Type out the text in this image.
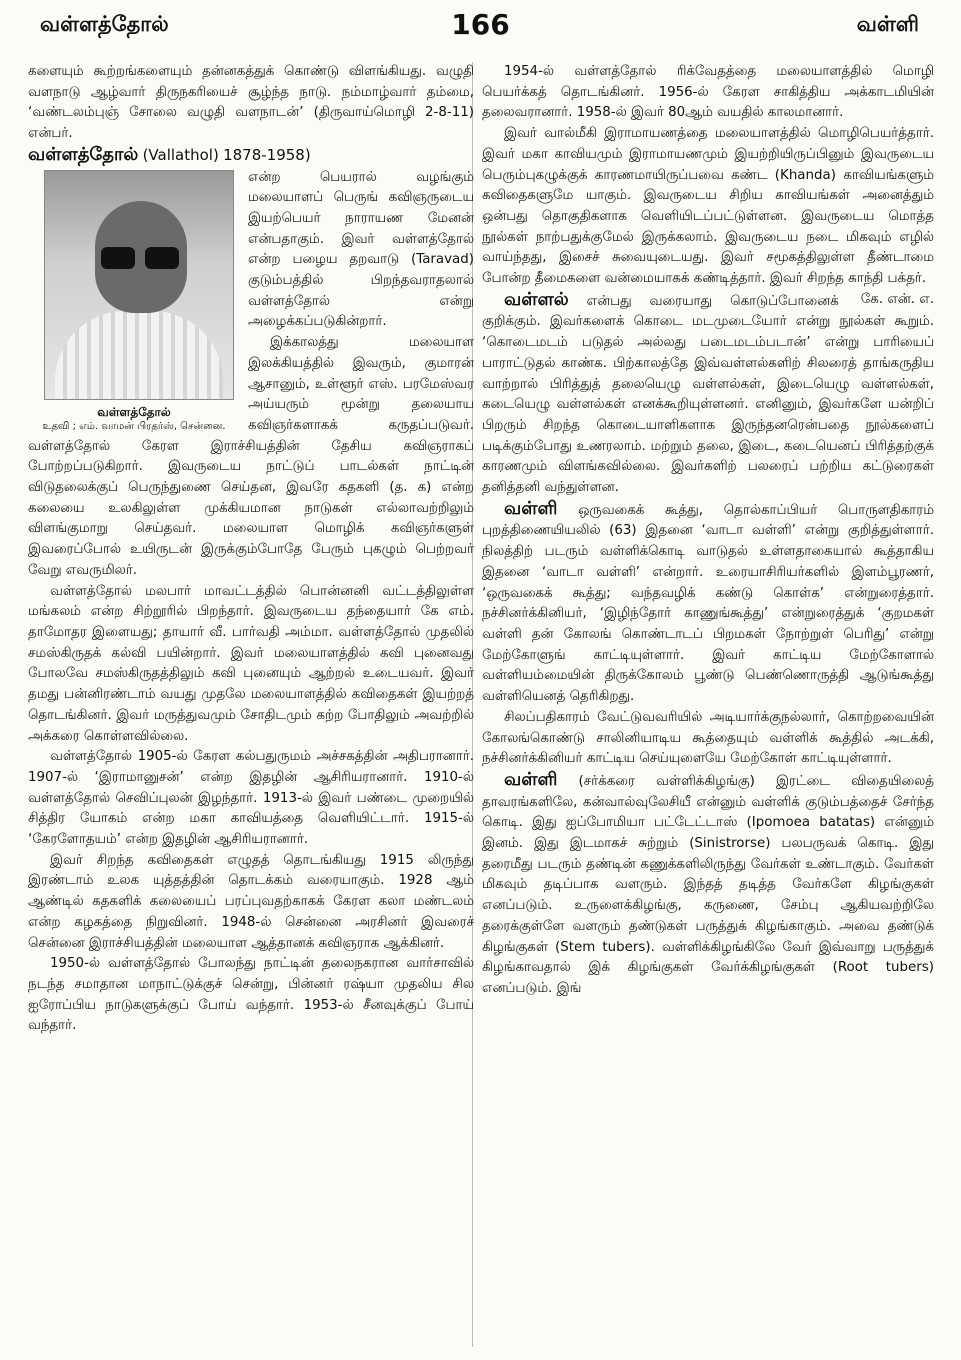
வள்ளத்தோல்	166	வள்ளி

களையும் கூற்றங்களையும் தன்னகத்துக் கொண்டு விளங்கியது. வழுதி வளநாடு ஆழ்வார் திருநகரியைச் சூழ்ந்த நாடு. நம்மாழ்வார் தம்மை, ‘வண்டலம்புஞ் சோலை வழுதி வளநாடன்’ (திருவாய்மொழி 2-8-11) என்பர்.

வள்ளத்தோல் (Vallathol) 1878-1958)

வள்ளத்தோல்
உதவி ; எம். வாமன் பிரதர்ஸ், சென்னை.

என்ற பெயரால் வழங்கும் மலையாளப் பெருங் கவிஞருடைய இயற்பெயர் நாராயண மேனன் என்பதாகும். இவர் வள்ளத்தோல் என்ற பழைய தறவாடு (Taravad) குடும்பத்தில் பிறந்தவராதலால் வள்ளத்தோல் என்று அழைக்கப்படுகின்றார்.

இக்காலத்து மலையாள இலக்கியத்தில் இவரும், குமாரன் ஆசானும், உள்ளூர் எஸ். பரமேஸ்வர அய்யரும் மூன்று தலையாய கவிஞர்களாகக் கருதப்படுவர். வள்ளத்தோல் கேரள இராச்சியத்தின் தேசிய கவிஞராகப் போற்றப்படுகிறார். இவருடைய நாட்டுப் பாடல்கள் நாட்டின் விடுதலைக்குப் பெருந்துணை செய்தன, இவரே கதகளி (த. க) என்ற கலையை உலகிலுள்ள முக்கியமான நாடுகள் எல்லாவற்றிலும் விளங்குமாறு செய்தவர். மலையாள மொழிக் கவிஞர்களுள் இவரைப்போல் உயிருடன் இருக்கும்போதே பேரும் புகழும் பெற்றவர் வேறு எவருமிலர்.

வள்ளத்தோல் மலபார் மாவட்டத்தில் பொன்னனி வட்டத்திலுள்ள மங்கலம் என்ற சிற்றூரில் பிறந்தார். இவருடைய தந்தையார் கே எம். தாமோதர இளையது; தாயார் வீ. பார்வதி அம்மா. வள்ளத்தோல் முதலில் சமஸ்கிருதக் கல்வி பயின்றார். இவர் மலையாளத்தில் கவி புனைவது போலவே சமஸ்கிருதத்திலும் கவி புனையும் ஆற்றல் உடையவர். இவர் தமது பன்னிரண்டாம் வயது முதலே மலையாளத்தில் கவிதைகள் இயற்றத் தொடங்கினர். இவர் மருத்துவமும் சோதிடமும் கற்ற போதிலும் அவற்றில் அக்கரை கொள்ளவில்லை.

வள்ளத்தோல் 1905-ல் கேரள கல்பதுருமம் அச்சகத்தின் அதிபரானார். 1907-ல் ‘இராமானுசன்’ என்ற இதழின் ஆசிரியரானார். 1910-ல் வள்ளத்தோல் செவிப்புலன் இழந்தார். 1913-ல் இவர் பண்டை முறையில் சித்திர யோகம் என்ற மகா காவியத்தை வெளியிட்டார். 1915-ல் ‘கேரளோதயம்’ என்ற இதழின் ஆசிரியரானார்.

இவர் சிறந்த கவிதைகள் எழுதத் தொடங்கியது 1915 லிருந்து இரண்டாம் உலக யுத்தத்தின் தொடக்கம் வரையாகும். 1928 ஆம் ஆண்டில் கதகளிக் கலையைப் பரப்புவதற்காகக் கேரள கலா மண்டலம் என்ற கழகத்தை நிறுவினர். 1948-ல் சென்னை அரசினர் இவரைச் சென்னை இராச்சியத்தின் மலையாள ஆத்தானக் கவிஞராக ஆக்கினர்.

1950-ல் வள்ளத்தோல் போலந்து நாட்டின் தலைநகரான வார்சாவில் நடந்த சமாதான மாநாட்டுக்குச் சென்று, பின்னர் ரஷ்யா முதலிய சில ஐரோப்பிய நாடுகளுக்குப் போய் வந்தார். 1953-ல் சீனவுக்குப் போய் வந்தார்.

1954-ல் வள்ளத்தோல் ரிக்வேதத்தை மலையாளத்தில் மொழி பெயர்க்கத் தொடங்கினர். 1956-ல் கேரள சாகித்திய அக்காடமியின் தலைவரானார். 1958-ல் இவர் 80ஆம் வயதில் காலமானார்.

இவர் வால்மீகி இராமாயணத்தை மலையாளத்தில் மொழிபெயர்த்தார். இவர் மகா காவியமும் இராமாயணமும் இயற்றியிருப்பினும் இவருடைய பெரும்புகழுக்குக் காரணமாயிருப்பவை கண்ட (Khanda) காவியங்களும் கவிதைகளுமே யாகும். இவருடைய சிறிய காவியங்கள் அனைத்தும் ஒன்பது தொகுதிகளாக வெளியிடப்பட்டுள்ளன. இவருடைய மொத்த நூல்கள் நாற்பதுக்குமேல் இருக்கலாம். இவருடைய நடை மிகவும் எழில் வாய்ந்தது, இசைச் சுவையுடையது. இவர் சமூகத்திலுள்ள தீண்டாமை போன்ற தீமைகளை வன்மையாகக் கண்டித்தார். இவர் சிறந்த காந்தி பக்தர்.
கே. என். எ.

வள்ளல் என்பது வரையாது கொடுப்போனைக் குறிக்கும். இவர்களைக் கொடை மடமுடையோர் என்று நூல்கள் கூறும். ‘கொடைமடம் படுதல் அல்லது படைமடம்படான்’ என்று பாரியைப் பாராட்டுதல் காண்க. பிற்காலத்தே இவ்வள்ளல்களிற் சிலரைத் தாங்கருதிய வாற்றால் பிரித்துத் தலையெழு வள்ளல்கள், இடையெழு வள்ளல்கள், கடையெழு வள்ளல்கள் எனக்கூறியுள்ளனர். எனினும், இவர்களே யன்றிப் பிறரும் சிறந்த கொடையாளிகளாக இருந்தனரென்பதை நூல்களைப் படிக்கும்போது உணரலாம். மற்றும் தலை, இடை, கடையெனப் பிரித்தற்குக் காரணமும் விளங்கவில்லை. இவர்களிற் பலரைப் பற்றிய கட்டுரைகள் தனித்தனி வந்துள்ளன.

வள்ளி ஒருவகைக் கூத்து, தொல்காப்பியர் பொருளதிகாரம் புறத்திணையியலில் (63) இதனை ‘வாடா வள்ளி’ என்று குறித்துள்ளார். நிலத்திற் படரும் வள்ளிக்கொடி வாடுதல் உள்ளதாகையால் கூத்தாகிய இதனை ‘வாடா வள்ளி’ என்றார். உரையாசிரியர்களில் இளம்பூரணர், ‘ஒருவகைக் கூத்து; வந்தவழிக் கண்டு கொள்க’ என்றுரைத்தார். நச்சினர்க்கினியர், ‘இழிந்தோர் காணுங்கூத்து’ என்றுரைத்துக் ‘குறமகள் வள்ளி தன் கோலங் கொண்டாடப் பிறமகள் நோற்றுள் பெரிது’ என்று மேற்கோளுங் காட்டியுள்ளார். இவர் காட்டிய மேற்கோளால் வள்ளியம்மையின் திருக்கோலம் பூண்டு பெண்ணொருத்தி ஆடுங்கூத்து வள்ளியெனத் தெரிகிறது.

சிலப்பதிகாரம் வேட்டுவவரியில் அடியார்க்குநல்லார், கொற்றவையின் கோலங்கொண்டு சாலினியாடிய கூத்தையும் வள்ளிக் கூத்தில் அடக்கி, நச்சினர்க்கினியர் காட்டிய செய்யுளையே மேற்கோள் காட்டியுள்ளார்.

வள்ளி (சர்க்கரை வள்ளிக்கிழங்கு) இரட்டை விதையிலைத் தாவரங்களிலே, கன்வால்வுலேசியீ என்னும் வள்ளிக் குடும்பத்தைச் சேர்ந்த கொடி. இது ஐப்போமியா பட்டேட்டாஸ் (Ipomoea batatas) என்னும் இனம். இது இடமாகச் சுற்றும் (Sinistrorse) பலபருவக் கொடி. இது தரைமீது படரும் தண்டின் கணுக்களிலிருந்து வேர்கள் உண்டாகும். வேர்கள் மிகவும் தடிப்பாக வளரும். இந்தத் தடித்த வேர்களே கிழங்குகள் எனப்படும். உருளைக்கிழங்கு, கருணை, சேம்பு ஆகியவற்றிலே தரைக்குள்ளே வளரும் தண்டுகள் பருத்துக் கிழங்காகும். அவை தண்டுக் கிழங்குகள் (Stem tubers). வள்ளிக்கிழங்கிலே வேர் இவ்வாறு பருத்துக் கிழங்காவதால் இக் கிழங்குகள் வேர்க்கிழங்குகள் (Root tubers) எனப்படும். இங்
